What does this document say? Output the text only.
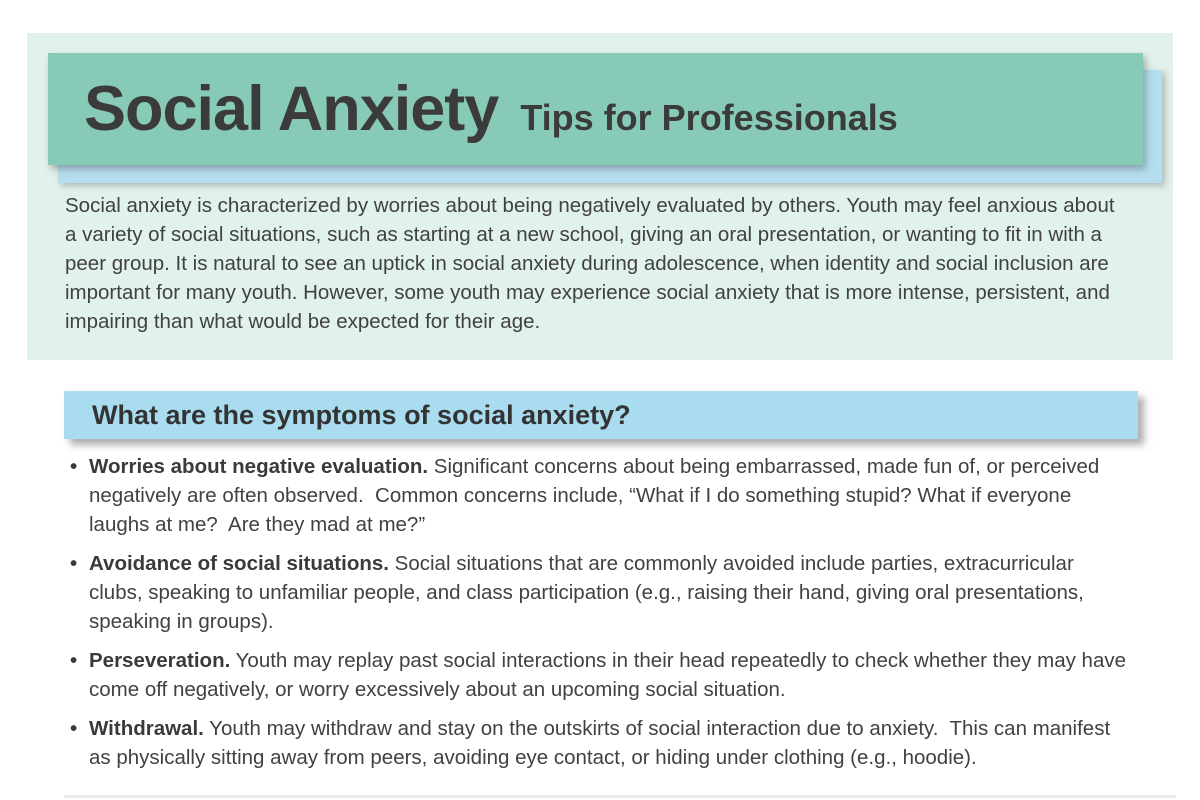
Social Anxiety Tips for Professionals
Social anxiety is characterized by worries about being negatively evaluated by others. Youth may feel anxious about a variety of social situations, such as starting at a new school, giving an oral presentation, or wanting to fit in with a peer group. It is natural to see an uptick in social anxiety during adolescence, when identity and social inclusion are important for many youth. However, some youth may experience social anxiety that is more intense, persistent, and impairing than what would be expected for their age.
What are the symptoms of social anxiety?
• Worries about negative evaluation. Significant concerns about being embarrassed, made fun of, or perceived negatively are often observed.  Common concerns include, “What if I do something stupid? What if everyone laughs at me?  Are they mad at me?”
• Avoidance of social situations. Social situations that are commonly avoided include parties, extracurricular clubs, speaking to unfamiliar people, and class participation (e.g., raising their hand, giving oral presentations, speaking in groups).
• Perseveration. Youth may replay past social interactions in their head repeatedly to check whether they may have come off negatively, or worry excessively about an upcoming social situation.
• Withdrawal. Youth may withdraw and stay on the outskirts of social interaction due to anxiety.  This can manifest as physically sitting away from peers, avoiding eye contact, or hiding under clothing (e.g., hoodie).
